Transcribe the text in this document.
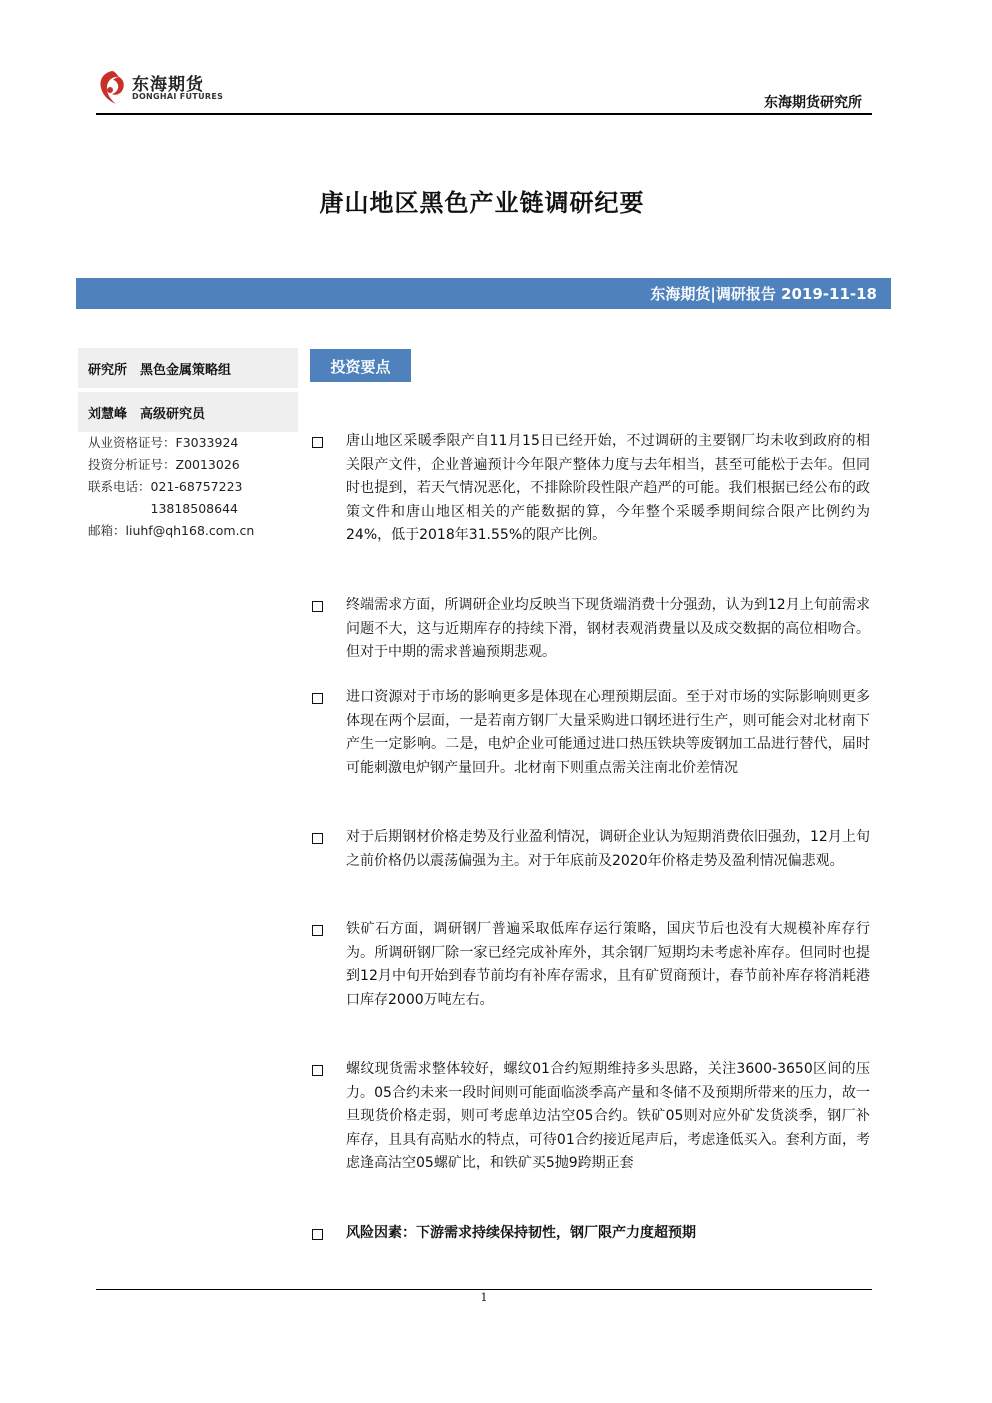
东海期货
DONGHAI FUTURES	东海期货研究所
唐山地区黑色产业链调研纪要
东海期货|调研报告 2019-11-18
研究所　黑色金属策略组
刘慧峰　高级研究员
从业资格证号：F3033924
投资分析证号：Z0013026
联系电话：021-68757223
　　　　　13818508644
邮箱：liuhf@qh168.com.cn
投资要点
唐山地区采暖季限产自11月15日已经开始，不过调研的主要钢厂均未收到政府的相关限产文件，企业普遍预计今年限产整体力度与去年相当，甚至可能松于去年。但同时也提到，若天气情况恶化，不排除阶段性限产趋严的可能。我们根据已经公布的政策文件和唐山地区相关的产能数据的算，今年整个采暖季期间综合限产比例约为24%，低于2018年31.55%的限产比例。
终端需求方面，所调研企业均反映当下现货端消费十分强劲，认为到12月上旬前需求问题不大，这与近期库存的持续下滑，钢材表观消费量以及成交数据的高位相吻合。但对于中期的需求普遍预期悲观。
进口资源对于市场的影响更多是体现在心理预期层面。至于对市场的实际影响则更多体现在两个层面，一是若南方钢厂大量采购进口钢坯进行生产，则可能会对北材南下产生一定影响。二是，电炉企业可能通过进口热压铁块等废钢加工品进行替代，届时可能刺激电炉钢产量回升。北材南下则重点需关注南北价差情况
对于后期钢材价格走势及行业盈利情况，调研企业认为短期消费依旧强劲，12月上旬之前价格仍以震荡偏强为主。对于年底前及2020年价格走势及盈利情况偏悲观。
铁矿石方面，调研钢厂普遍采取低库存运行策略，国庆节后也没有大规模补库存行为。所调研钢厂除一家已经完成补库外，其余钢厂短期均未考虑补库存。但同时也提到12月中旬开始到春节前均有补库存需求，且有矿贸商预计，春节前补库存将消耗港口库存2000万吨左右。
螺纹现货需求整体较好，螺纹01合约短期维持多头思路，关注3600-3650区间的压力。05合约未来一段时间则可能面临淡季高产量和冬储不及预期所带来的压力，故一旦现货价格走弱，则可考虑单边沽空05合约。铁矿05则对应外矿发货淡季，钢厂补库存，且具有高贴水的特点，可待01合约接近尾声后，考虑逢低买入。套利方面，考虑逢高沽空05螺矿比，和铁矿买5抛9跨期正套
风险因素：下游需求持续保持韧性，钢厂限产力度超预期
1
